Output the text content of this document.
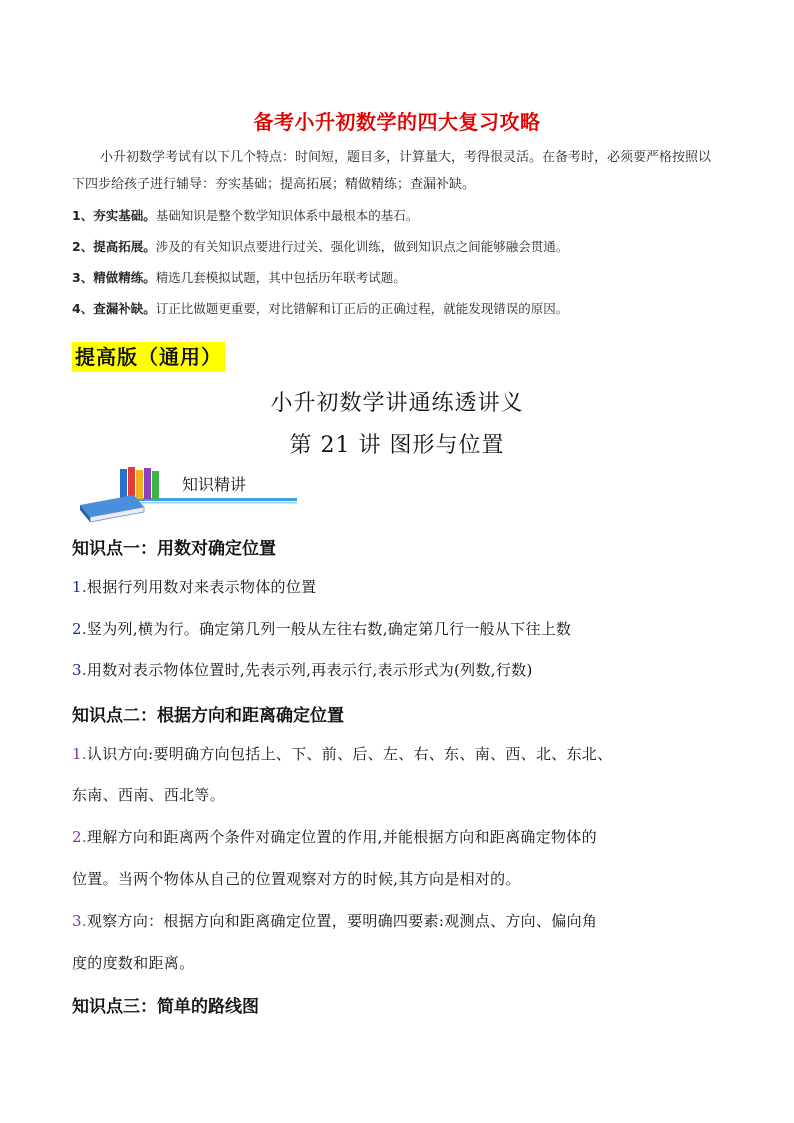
备考小升初数学的四大复习攻略

小升初数学考试有以下几个特点：时间短，题目多，计算量大，考得很灵活。在备考时，必须要严格按照以下四步给孩子进行辅导：夯实基础；提高拓展；精做精练；查漏补缺。

1、夯实基础。基础知识是整个数学知识体系中最根本的基石。
2、提高拓展。涉及的有关知识点要进行过关、强化训练，做到知识点之间能够融会贯通。
3、精做精练。精选几套模拟试题，其中包括历年联考试题。
4、查漏补缺。订正比做题更重要，对比错解和订正后的正确过程，就能发现错误的原因。
提高版（通用）
小升初数学讲通练透讲义
第 21 讲 图形与位置
知识精讲
知识点一：用数对确定位置
1.根据行列用数对来表示物体的位置
2.竖为列,横为行。确定第几列一般从左往右数,确定第几行一般从下往上数
3.用数对表示物体位置时,先表示列,再表示行,表示形式为(列数,行数)
知识点二：根据方向和距离确定位置
1.认识方向:要明确方向包括上、下、前、后、左、右、东、南、西、北、东北、
东南、西南、西北等。
2.理解方向和距离两个条件对确定位置的作用,并能根据方向和距离确定物体的
位置。当两个物体从自己的位置观察对方的时候,其方向是相对的。
3.观察方向：根据方向和距离确定位置，要明确四要素:观测点、方向、偏向角
度的度数和距离。
知识点三：简单的路线图
